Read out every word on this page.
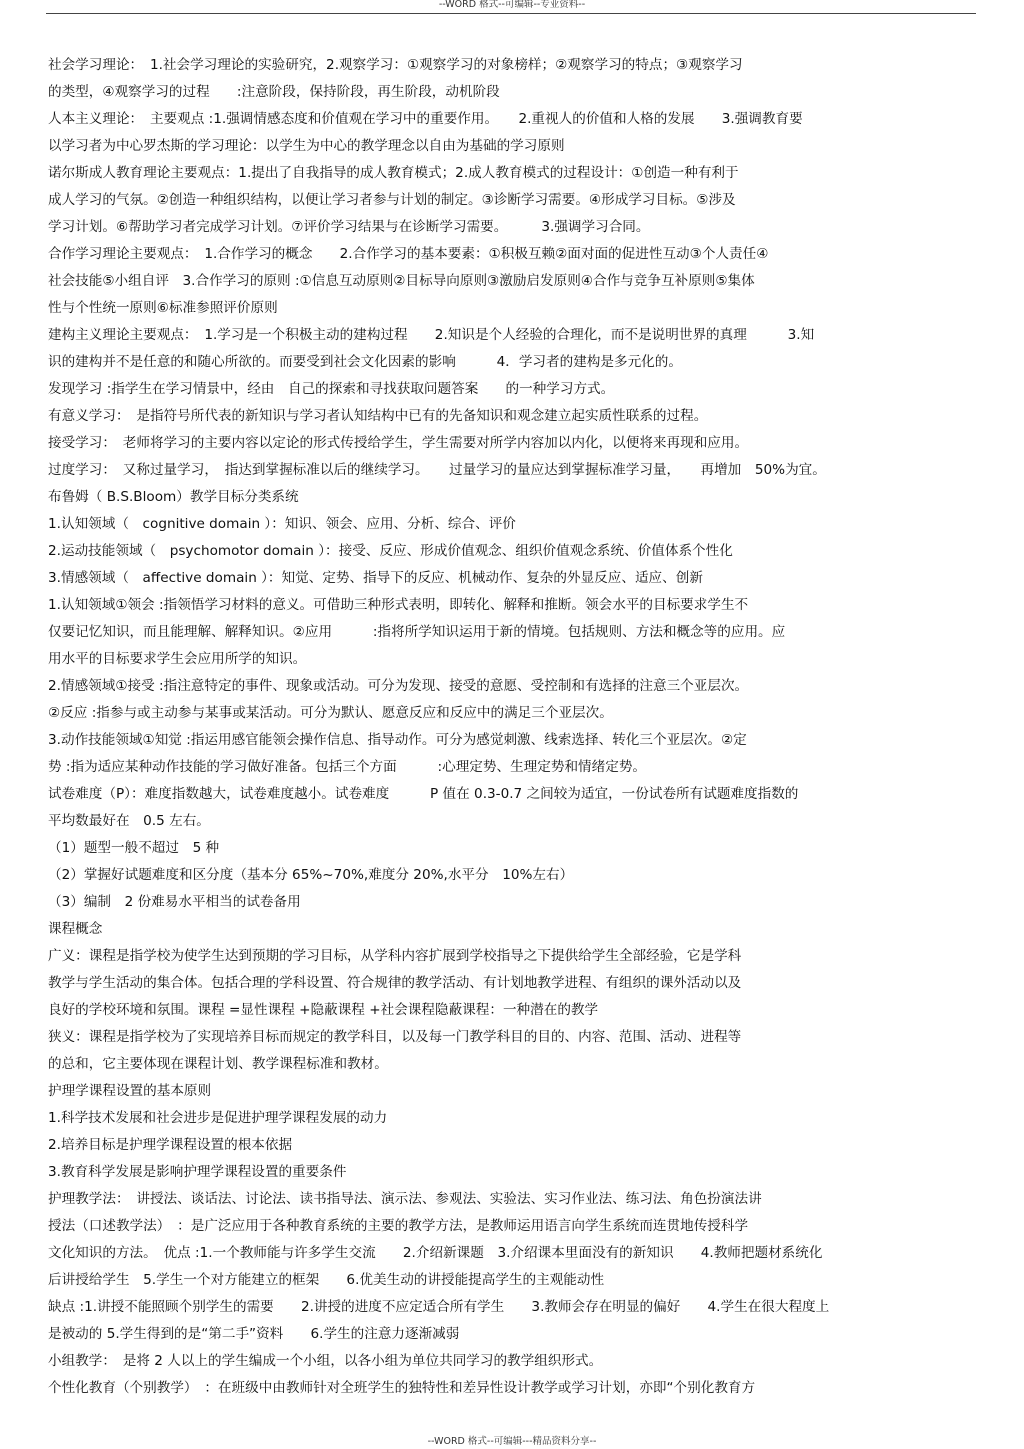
--WORD 格式--可编辑--专业资料--
社会学习理论：　1.社会学习理论的实验研究，2.观察学习：①观察学习的对象榜样；②观察学习的特点；③观察学习
的类型，④观察学习的过程　　:注意阶段，保持阶段，再生阶段，动机阶段
人本主义理论：　主要观点 :1.强调情感态度和价值观在学习中的重要作用。　　2.重视人的价值和人格的发展　　3.强调教育要
以学习者为中心罗杰斯的学习理论：以学生为中心的教学理念以自由为基础的学习原则
诺尔斯成人教育理论主要观点：1.提出了自我指导的成人教育模式；2.成人教育模式的过程设计：①创造一种有利于
成人学习的气氛。②创造一种组织结构，以便让学习者参与计划的制定。③诊断学习需要。④形成学习目标。⑤涉及
学习计划。⑥帮助学习者完成学习计划。⑦评价学习结果与在诊断学习需要。　　　3.强调学习合同。
合作学习理论主要观点：　1.合作学习的概念　　2.合作学习的基本要素：①积极互赖②面对面的促进性互动③个人责任④
社会技能⑤小组自评　3.合作学习的原则 :①信息互动原则②目标导向原则③激励启发原则④合作与竞争互补原则⑤集体
性与个性统一原则⑥标准参照评价原则
建构主义理论主要观点：　1.学习是一个积极主动的建构过程　　2.知识是个人经验的合理化，而不是说明世界的真理　　　3.知
识的建构并不是任意的和随心所欲的。而要受到社会文化因素的影响　　　4．学习者的建构是多元化的。
发现学习 :指学生在学习情景中，经由　自己的探索和寻找获取问题答案　　的一种学习方式。
有意义学习：　是指符号所代表的新知识与学习者认知结构中已有的先备知识和观念建立起实质性联系的过程。
接受学习：　老师将学习的主要内容以定论的形式传授给学生，学生需要对所学内容加以内化，以便将来再现和应用。
过度学习：　又称过量学习，　指达到掌握标准以后的继续学习。　　过量学习的量应达到掌握标准学习量，　　再增加　50%为宜。
布鲁姆（ B.S.Bloom）教学目标分类系统
1.认知领域（　cognitive domain ）：知识、领会、应用、分析、综合、评价
2.运动技能领域（　psychomotor domain ）：接受、反应、形成价值观念、组织价值观念系统、价值体系个性化
3.情感领域（　affective domain ）：知觉、定势、指导下的反应、机械动作、复杂的外显反应、适应、创新
1.认知领域①领会 :指领悟学习材料的意义。可借助三种形式表明，即转化、解释和推断。领会水平的目标要求学生不
仅要记忆知识，而且能理解、解释知识。②应用　　　:指将所学知识运用于新的情境。包括规则、方法和概念等的应用。应
用水平的目标要求学生会应用所学的知识。
2.情感领域①接受 :指注意特定的事件、现象或活动。可分为发现、接受的意愿、受控制和有选择的注意三个亚层次。
②反应 :指参与或主动参与某事或某活动。可分为默认、愿意反应和反应中的满足三个亚层次。
3.动作技能领域①知觉 :指运用感官能领会操作信息、指导动作。可分为感觉刺激、线索选择、转化三个亚层次。②定
势 :指为适应某种动作技能的学习做好准备。包括三个方面　　　:心理定势、生理定势和情绪定势。
试卷难度（P）：难度指数越大，试卷难度越小。试卷难度　　　P 值在 0.3-0.7 之间较为适宜，一份试卷所有试题难度指数的
平均数最好在　0.5 左右。
（1）题型一般不超过　5 种
（2）掌握好试题难度和区分度（基本分 65%~70%,难度分 20%,水平分　10%左右）
（3）编制　2 份难易水平相当的试卷备用
课程概念
广义：课程是指学校为使学生达到预期的学习目标，从学科内容扩展到学校指导之下提供给学生全部经验，它是学科
教学与学生活动的集合体。包括合理的学科设置、符合规律的教学活动、有计划地教学进程、有组织的课外活动以及
良好的学校环境和氛围。课程 =显性课程 +隐蔽课程 +社会课程隐蔽课程：一种潜在的教学
狭义：课程是指学校为了实现培养目标而规定的教学科目，以及每一门教学科目的目的、内容、范围、活动、进程等
的总和，它主要体现在课程计划、教学课程标准和教材。
护理学课程设置的基本原则
1.科学技术发展和社会进步是促进护理学课程发展的动力
2.培养目标是护理学课程设置的根本依据
3.教育科学发展是影响护理学课程设置的重要条件
护理教学法：　讲授法、谈话法、讨论法、读书指导法、演示法、参观法、实验法、实习作业法、练习法、角色扮演法讲
授法（口述教学法）　：是广泛应用于各种教育系统的主要的教学方法，是教师运用语言向学生系统而连贯地传授科学
文化知识的方法。　优点 :1.一个教师能与许多学生交流　　2.介绍新课题　3.介绍课本里面没有的新知识　　4.教师把题材系统化
后讲授给学生　5.学生一个对方能建立的框架　　6.优美生动的讲授能提高学生的主观能动性
缺点 :1.讲授不能照顾个别学生的需要　　2.讲授的进度不应定适合所有学生　　3.教师会存在明显的偏好　　4.学生在很大程度上
是被动的 5.学生得到的是“第二手”资料　　6.学生的注意力逐渐减弱
小组教学：　是将 2 人以上的学生编成一个小组，以各小组为单位共同学习的教学组织形式。
个性化教育（个别教学）　：在班级中由教师针对全班学生的独特性和差异性设计教学或学习计划，亦即“个别化教育方
--WORD 格式--可编辑---精品资料分享--
